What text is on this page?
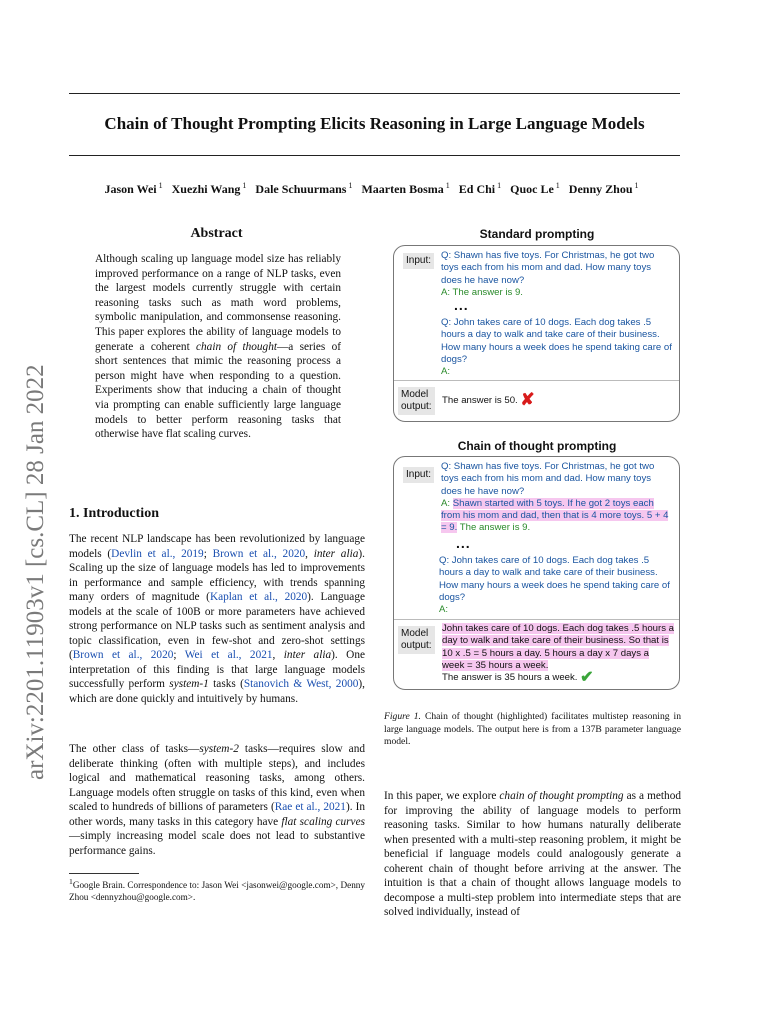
Chain of Thought Prompting Elicits Reasoning in Large Language Models
Jason Wei $^1$ Xuezhi Wang $^1$ Dale Schuurmans $^1$ Maarten Bosma $^1$ Ed Chi $^1$ Quoc Le $^1$ Denny Zhou $^1$
arXiv:2201.11903v1 [cs.CL] 28 Jan 2022
Abstract
Although scaling up language model size has reliably improved performance on a range of NLP tasks, even the largest models currently struggle with certain reasoning tasks such as math word problems, symbolic manipulation, and commonsense reasoning. This paper explores the ability of language models to generate a coherent chain of thought—a series of short sentences that mimic the reasoning process a person might have when responding to a question. Experiments show that inducing a chain of thought via prompting can enable sufficiently large language models to better perform reasoning tasks that otherwise have flat scaling curves.
1. Introduction
The recent NLP landscape has been revolutionized by language models (Devlin et al., 2019; Brown et al., 2020, inter alia). Scaling up the size of language models has led to improvements in performance and sample efficiency, with trends spanning many orders of magnitude (Kaplan et al., 2020). Language models at the scale of 100B or more parameters have achieved strong performance on NLP tasks such as sentiment analysis and topic classification, even in few-shot and zero-shot settings (Brown et al., 2020; Wei et al., 2021, inter alia). One interpretation of this finding is that large language models successfully perform system-1 tasks (Stanovich & West, 2000), which are done quickly and intuitively by humans.
The other class of tasks—system-2 tasks—requires slow and deliberate thinking (often with multiple steps), and includes logical and mathematical reasoning tasks, among others. Language models often struggle on tasks of this kind, even when scaled to hundreds of billions of parameters (Rae et al., 2021). In other words, many tasks in this category have flat scaling curves—simply increasing model scale does not lead to substantive performance gains.
$^1$Google Brain. Correspondence to: Jason Wei <jasonwei@google.com>, Denny Zhou <dennyzhou@google.com>.
Standard prompting
Input:	Q: Shawn has five toys. For Christmas, he got two toys each from his mom and dad. How many toys does he have now?
A: The answer is 9.
...
Q: John takes care of 10 dogs. Each dog takes .5 hours a day to walk and take care of their business. How many hours a week does he spend taking care of dogs?
A:
Model
output:
The answer is 50. ✘
Chain of thought prompting
Input:
Q: Shawn has five toys. For Christmas, he got two toys each from his mom and dad. How many toys does he have now?
A: Shawn started with 5 toys. If he got 2 toys each from his mom and dad, then that is 4 more toys. 5 + 4 = 9. The answer is 9.
...
Q: John takes care of 10 dogs. Each dog takes .5 hours a day to walk and take care of their business. How many hours a week does he spend taking care of dogs?
A:
Model
output:
John takes care of 10 dogs. Each dog takes .5 hours a day to walk and take care of their business. So that is 10 x .5 = 5 hours a day. 5 hours a day x 7 days a week = 35 hours a week.
The answer is 35 hours a week. ✔
Figure 1. Chain of thought (highlighted) facilitates multistep reasoning in large language models. The output here is from a 137B parameter language model.
In this paper, we explore chain of thought prompting as a method for improving the ability of language models to perform reasoning tasks. Similar to how humans naturally deliberate when presented with a multi-step reasoning problem, it might be beneficial if language models could analogously generate a coherent chain of thought before arriving at the answer. The intuition is that a chain of thought allows language models to decompose a multi-step problem into intermediate steps that are solved individually, instead of
